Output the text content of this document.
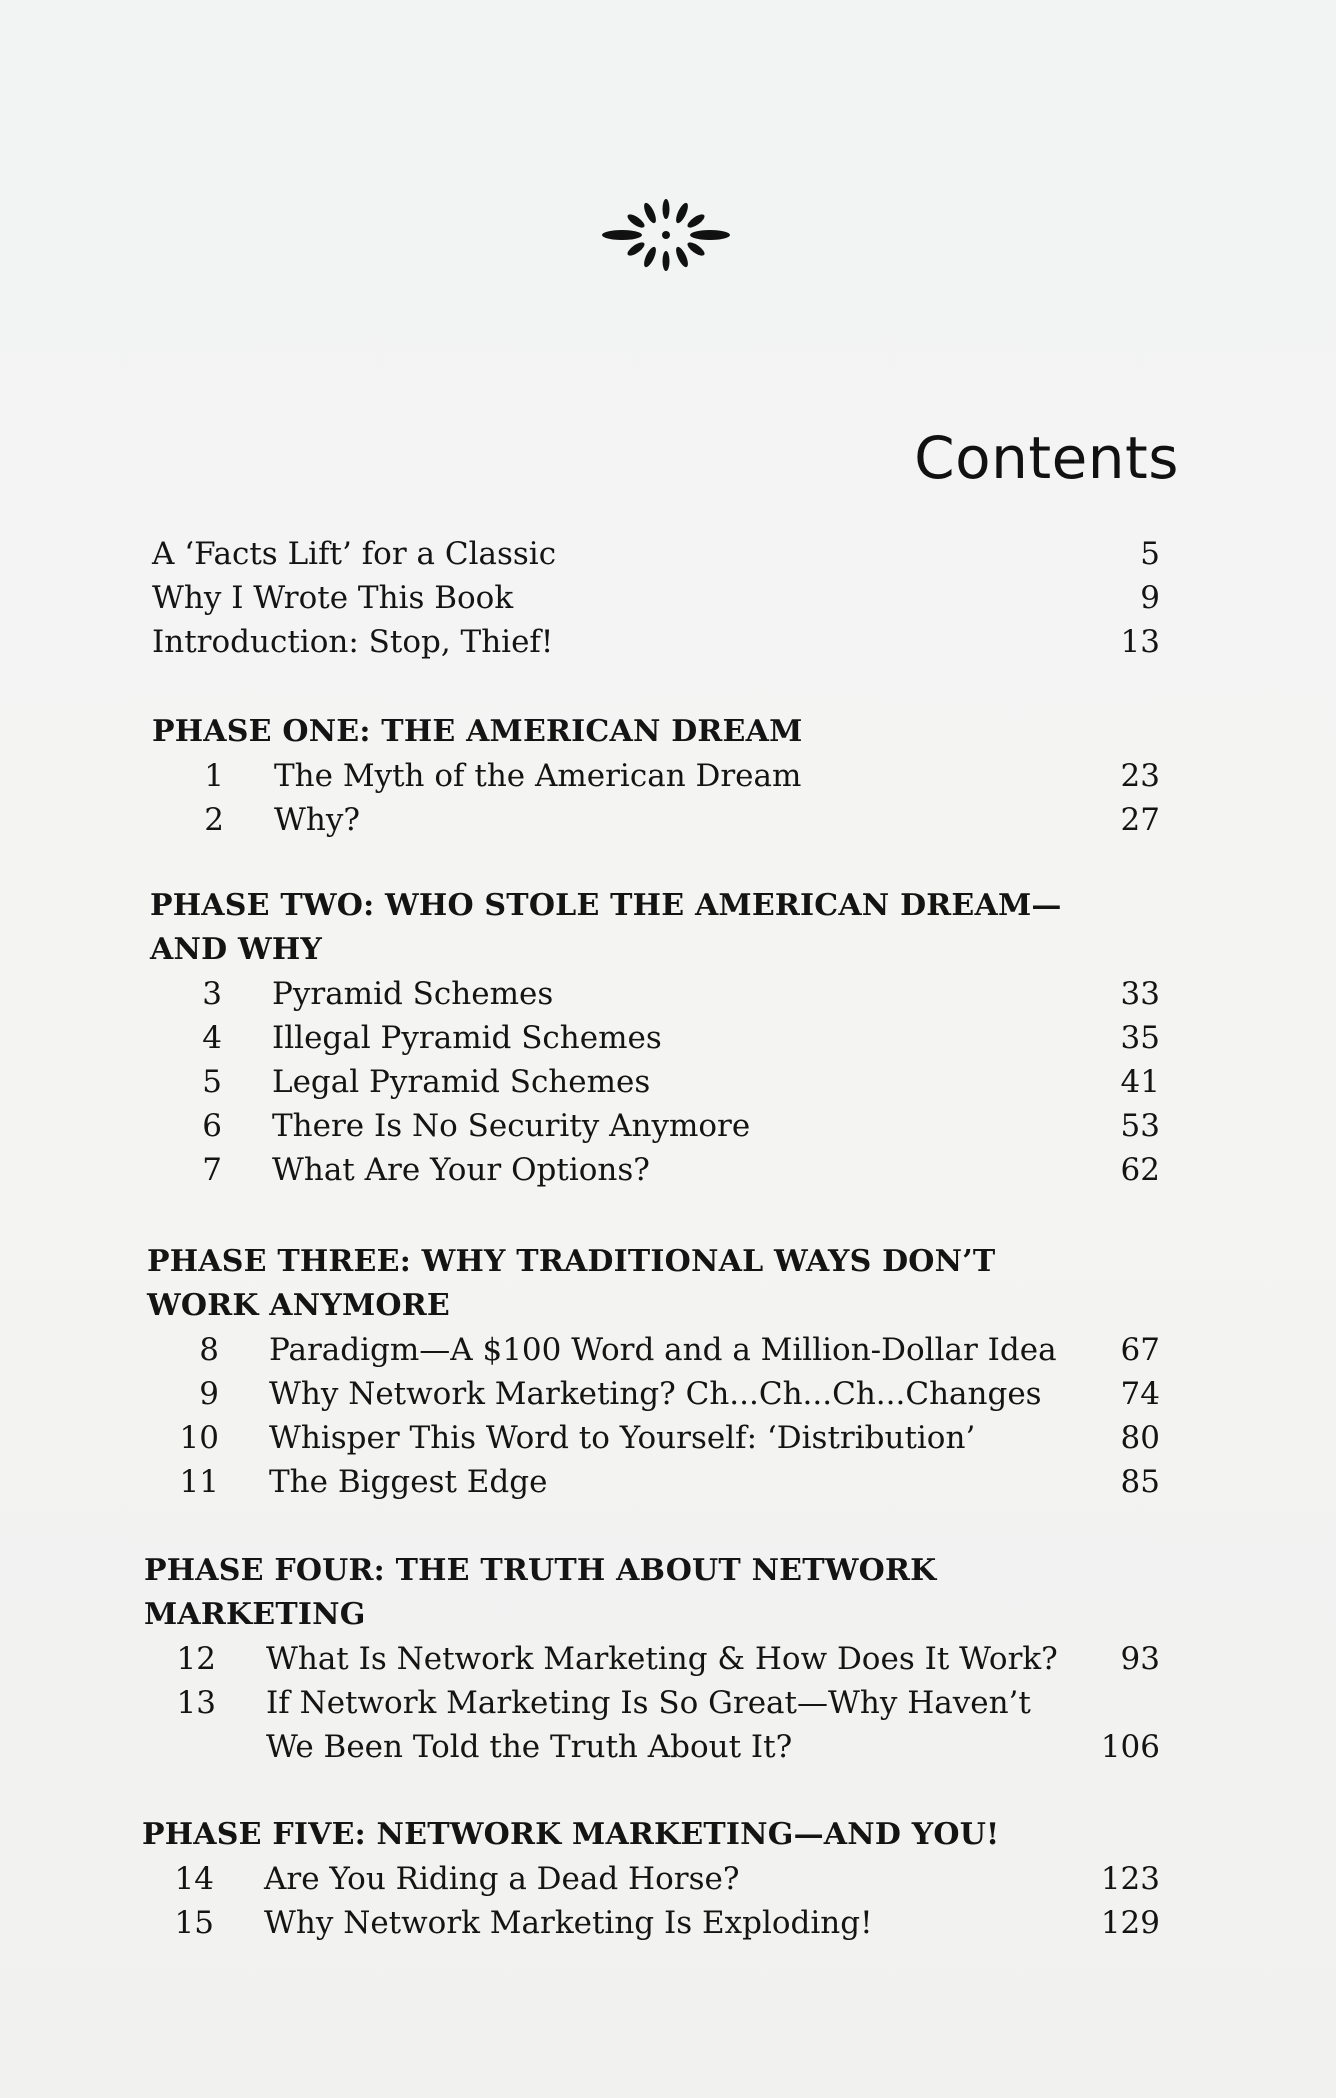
Contents
A ‘Facts Lift’ for a Classic	5
Why I Wrote This Book	9
Introduction: Stop, Thief!	13
PHASE ONE: THE AMERICAN DREAM
1 The Myth of the American Dream	23
2 Why?	27
PHASE TWO: WHO STOLE THE AMERICAN DREAM—
AND WHY
3 Pyramid Schemes	33
4 Illegal Pyramid Schemes	35
5 Legal Pyramid Schemes	41
6 There Is No Security Anymore	53
7 What Are Your Options?	62
PHASE THREE: WHY TRADITIONAL WAYS DON’T
WORK ANYMORE
8 Paradigm—A $100 Word and a Million-Dollar Idea 67
9 Why Network Marketing? Ch...Ch...Ch...Changes	74
10 Whisper This Word to Yourself: ‘Distribution’	80
11 The Biggest Edge	85
PHASE FOUR: THE TRUTH ABOUT NETWORK
MARKETING
12 What Is Network Marketing & How Does It Work? 93
13 If Network Marketing Is So Great—Why Haven’t
We Been Told the Truth About It?	106
PHASE FIVE: NETWORK MARKETING—AND YOU!
14 Are You Riding a Dead Horse?	123
15 Why Network Marketing Is Exploding!	129
